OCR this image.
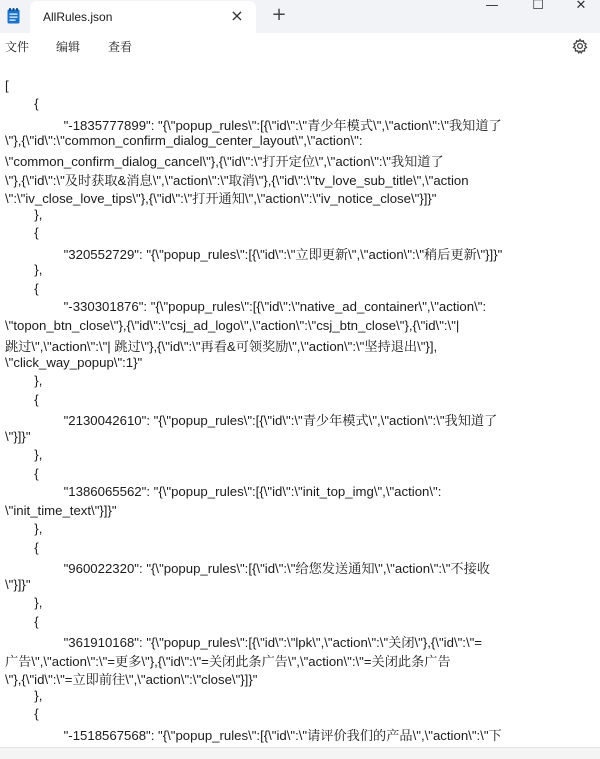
AllRules.json	× +	—	☐	✕
文件 编辑 查看
[
{
"-1835777899": "{\"popup_rules\":[{\"id\":\"青少年模式\",\"action\":\"我知道了
\"},{\"id\":\"common_confirm_dialog_center_layout\",\"action\":
\"common_confirm_dialog_cancel\"},{\"id\":\"打开定位\",\"action\":\"我知道了
\"},{\"id\":\"及时获取&消息\",\"action\":\"取消\"},{\"id\":\"tv_love_sub_title\",\"action
\":\"iv_close_love_tips\"},{\"id\":\"打开通知\",\"action\":\"iv_notice_close\"}]}"
},
{
"320552729": "{\"popup_rules\":[{\"id\":\"立即更新\",\"action\":\"稍后更新\"}]}"
},
{
"-330301876": "{\"popup_rules\":[{\"id\":\"native_ad_container\",\"action\":
\"topon_btn_close\"},{\"id\":\"csj_ad_logo\",\"action\":\"csj_btn_close\"},{\"id\":\"|
跳过\",\"action\":\"| 跳过\"},{\"id\":\"再看&可领奖励\",\"action\":\"坚持退出\"}],
\"click_way_popup\":1}"
},
{
"2130042610": "{\"popup_rules\":[{\"id\":\"青少年模式\",\"action\":\"我知道了
\"}]}"
},
{
"1386065562": "{\"popup_rules\":[{\"id\":\"init_top_img\",\"action\":
\"init_time_text\"}]}"
},
{
"960022320": "{\"popup_rules\":[{\"id\":\"给您发送通知\",\"action\":\"不接收
\"}]}"
},
{
"361910168": "{\"popup_rules\":[{\"id\":\"lpk\",\"action\":\"关闭\"},{\"id\":\"=
广告\",\"action\":\"=更多\"},{\"id\":\"=关闭此条广告\",\"action\":\"=关闭此条广告
\"},{\"id\":\"=立即前往\",\"action\":\"close\"}]}"
},
{
"-1518567568": "{\"popup_rules\":[{\"id\":\"请评价我们的产品\",\"action\":\"下
